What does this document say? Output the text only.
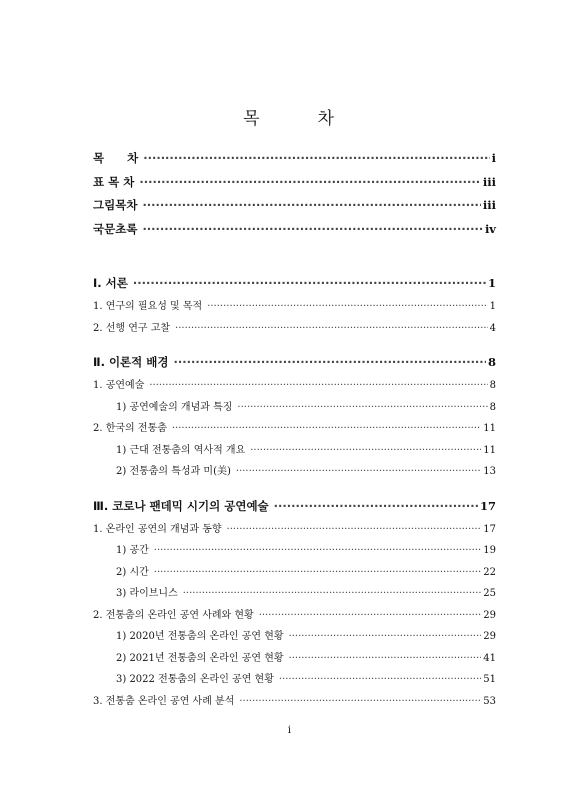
목	차
목　　차 ·····	i
표 목 차 ·····	iii
그림목차 ·····	iii
국문초록 ·····	iv
Ⅰ. 서론 ·····	1
1. 연구의 필요성 및 목적 ·····	1
2. 선행 연구 고찰 ·····	4
Ⅱ. 이론적 배경 ·····	8
1. 공연예술 ·····	8
1) 공연예술의 개념과 특징 ·····	8
2. 한국의 전통춤 ·····	11
1) 근대 전통춤의 역사적 개요 ·····	11
2) 전통춤의 특성과 미(美) ·····	13
Ⅲ. 코로나 팬데믹 시기의 공연예술 ·····	17
1. 온라인 공연의 개념과 동향 ·····	17
1) 공간 ·····	19
2) 시간 ·····	22
3) 라이브니스 ·····	25
2. 전통춤의 온라인 공연 사례와 현황 ·····	29
1) 2020년 전통춤의 온라인 공연 현황 ·····	29
2) 2021년 전통춤의 온라인 공연 현황 ·····	41
3) 2022 전통춤의 온라인 공연 현황 ·····	51
3. 전통춤 온라인 공연 사례 분석 ·····	53
i
